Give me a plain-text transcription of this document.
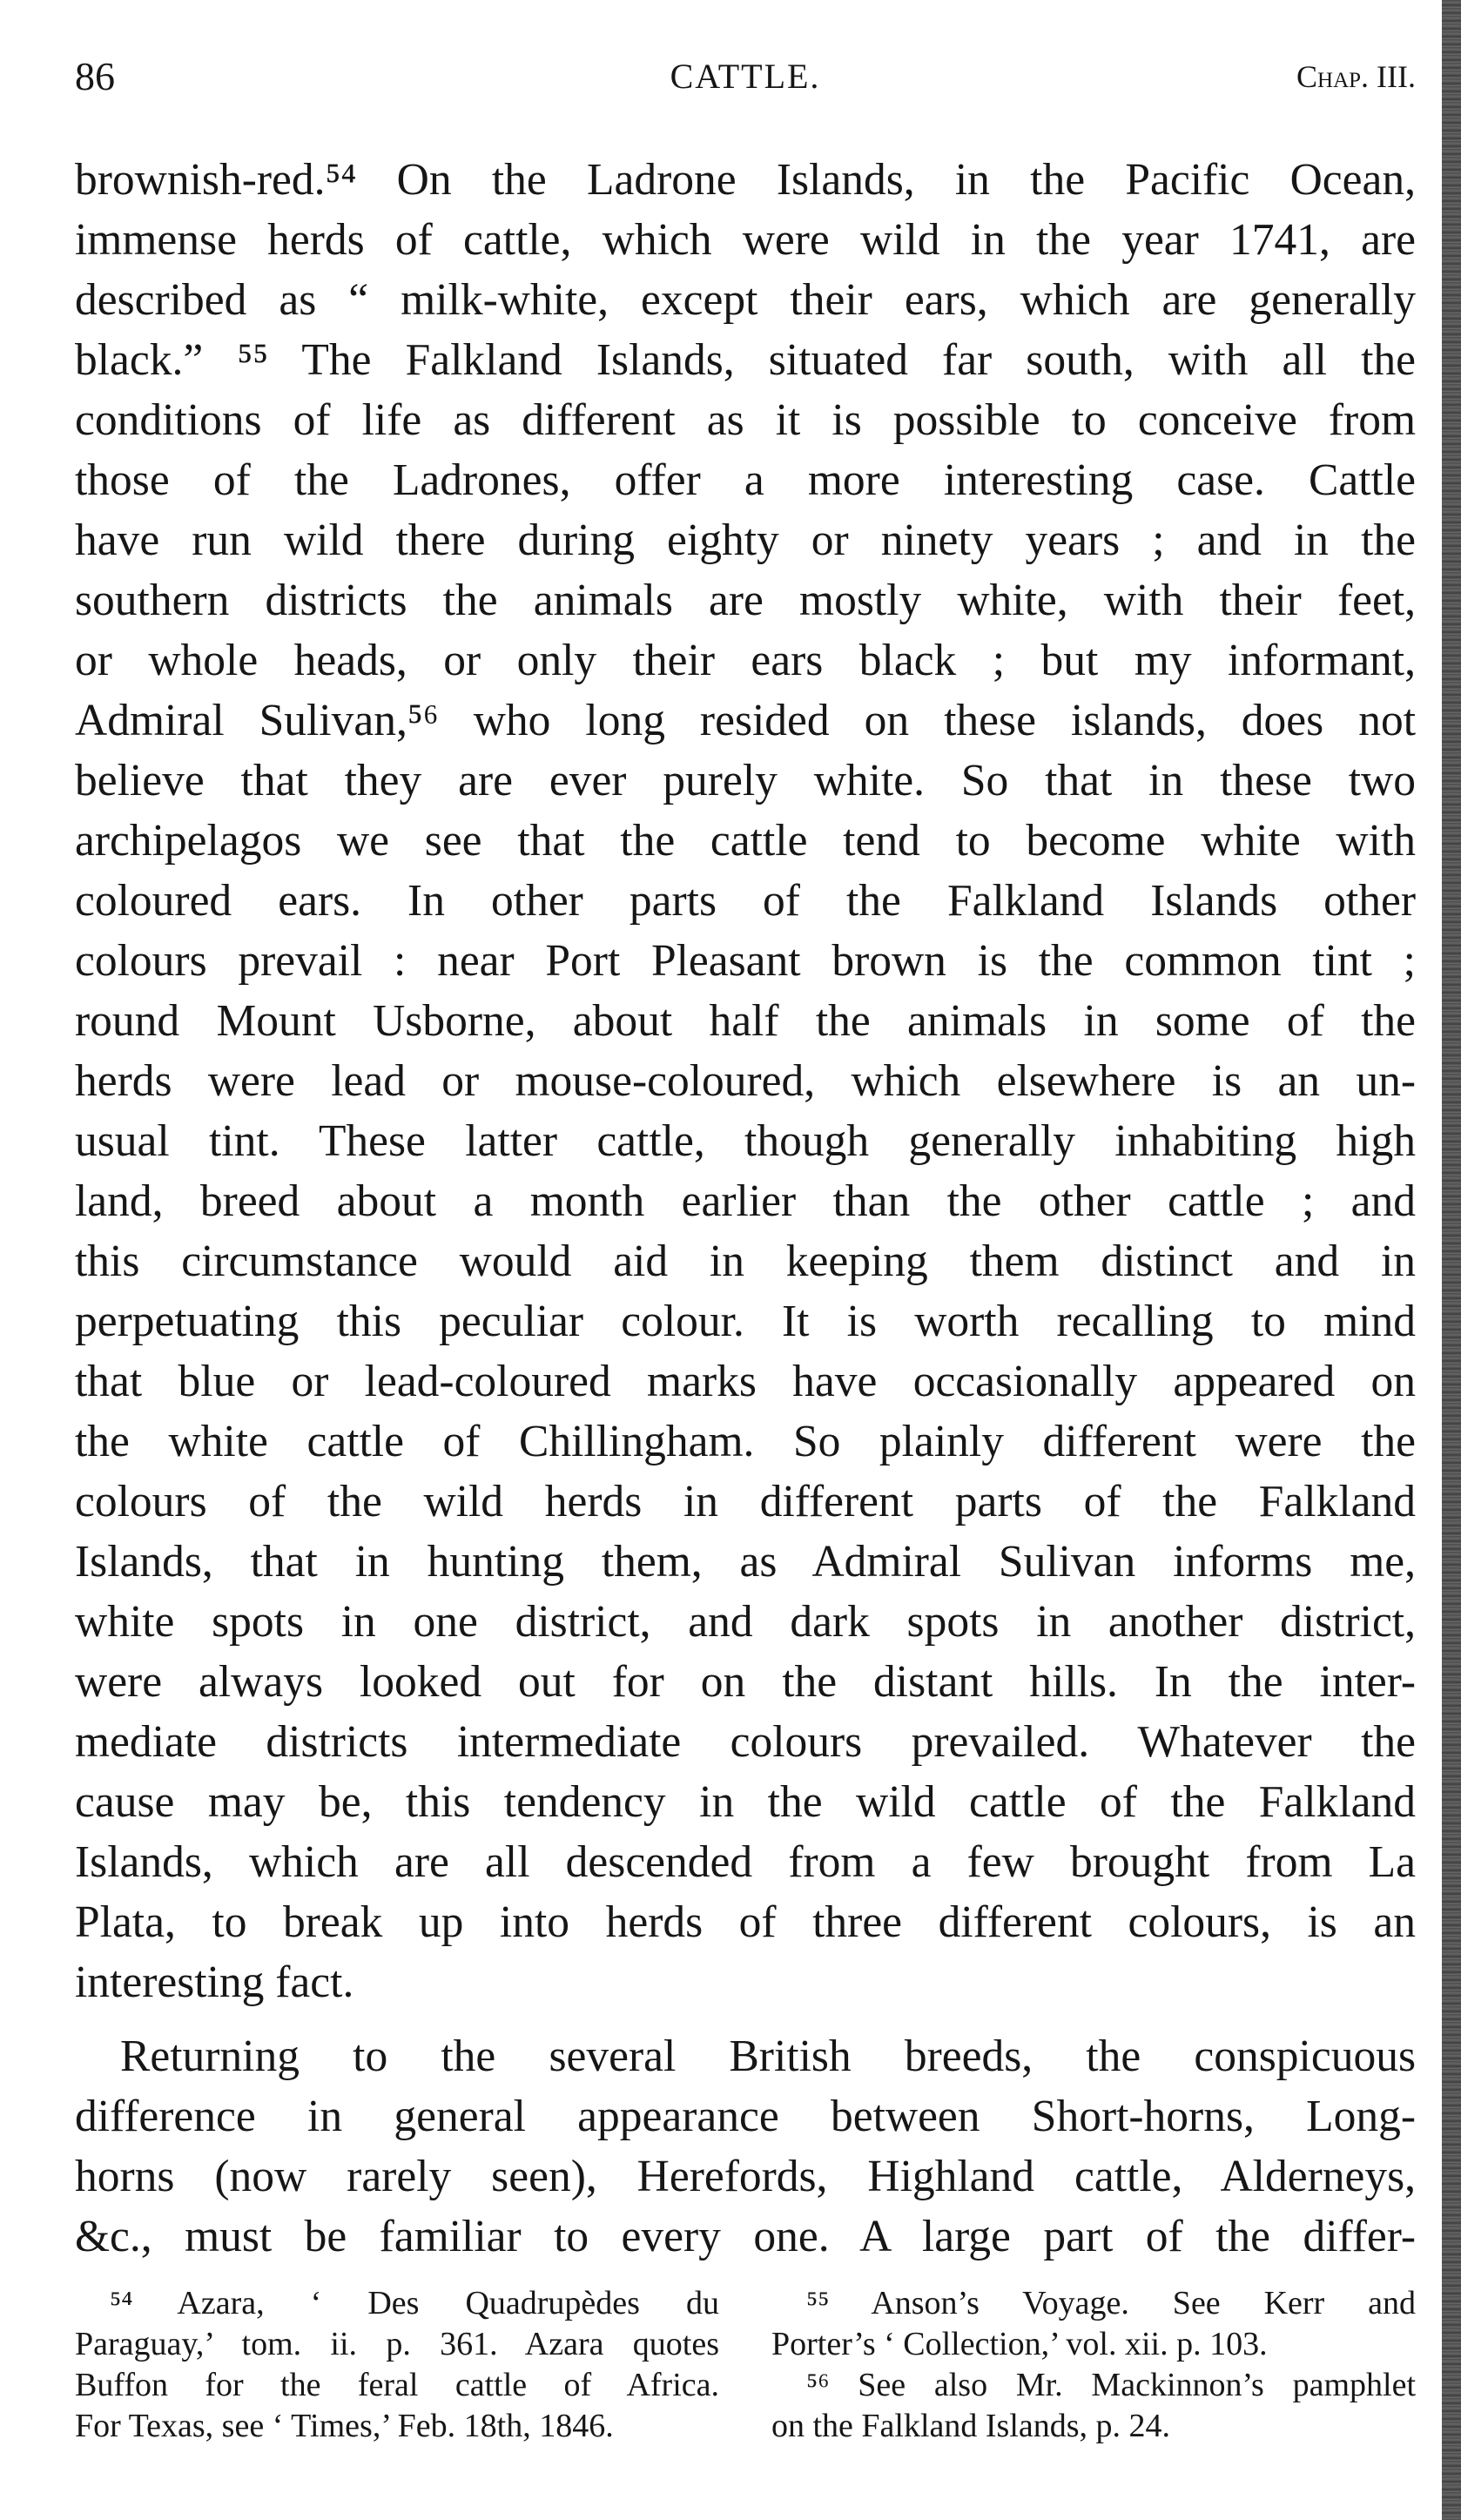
86	CATTLE.	Chap. III.
brownish-red.⁵⁴ On the Ladrone Islands, in the Pacific Ocean,
immense herds of cattle, which were wild in the year 1741, are
described as “ milk-white, except their ears, which are generally
black.” ⁵⁵ The Falkland Islands, situated far south, with all the
conditions of life as different as it is possible to conceive from
those of the Ladrones, offer a more interesting case. Cattle
have run wild there during eighty or ninety years ; and in the
southern districts the animals are mostly white, with their feet,
or whole heads, or only their ears black ; but my informant,
Admiral Sulivan,⁵⁶ who long resided on these islands, does not
believe that they are ever purely white. So that in these two
archipelagos we see that the cattle tend to become white with
coloured ears. In other parts of the Falkland Islands other
colours prevail : near Port Pleasant brown is the common tint ;
round Mount Usborne, about half the animals in some of the
herds were lead or mouse-coloured, which elsewhere is an un-
usual tint. These latter cattle, though generally inhabiting high
land, breed about a month earlier than the other cattle ; and
this circumstance would aid in keeping them distinct and in
perpetuating this peculiar colour. It is worth recalling to mind
that blue or lead-coloured marks have occasionally appeared on
the white cattle of Chillingham. So plainly different were the
colours of the wild herds in different parts of the Falkland
Islands, that in hunting them, as Admiral Sulivan informs me,
white spots in one district, and dark spots in another district,
were always looked out for on the distant hills. In the inter-
mediate districts intermediate colours prevailed. Whatever the
cause may be, this tendency in the wild cattle of the Falkland
Islands, which are all descended from a few brought from La
Plata, to break up into herds of three different colours, is an
interesting fact.
Returning to the several British breeds, the conspicuous
difference in general appearance between Short-horns, Long-
horns (now rarely seen), Herefords, Highland cattle, Alderneys,
&c., must be familiar to every one. A large part of the differ-
⁵⁴ Azara, ‘ Des Quadrupèdes du
Paraguay,’ tom. ii. p. 361. Azara quotes
Buffon for the feral cattle of Africa.
For Texas, see ‘ Times,’ Feb. 18th, 1846.
⁵⁵ Anson’s Voyage. See Kerr and
Porter’s ‘ Collection,’ vol. xii. p. 103.
⁵⁶ See also Mr. Mackinnon’s pamphlet
on the Falkland Islands, p. 24.
